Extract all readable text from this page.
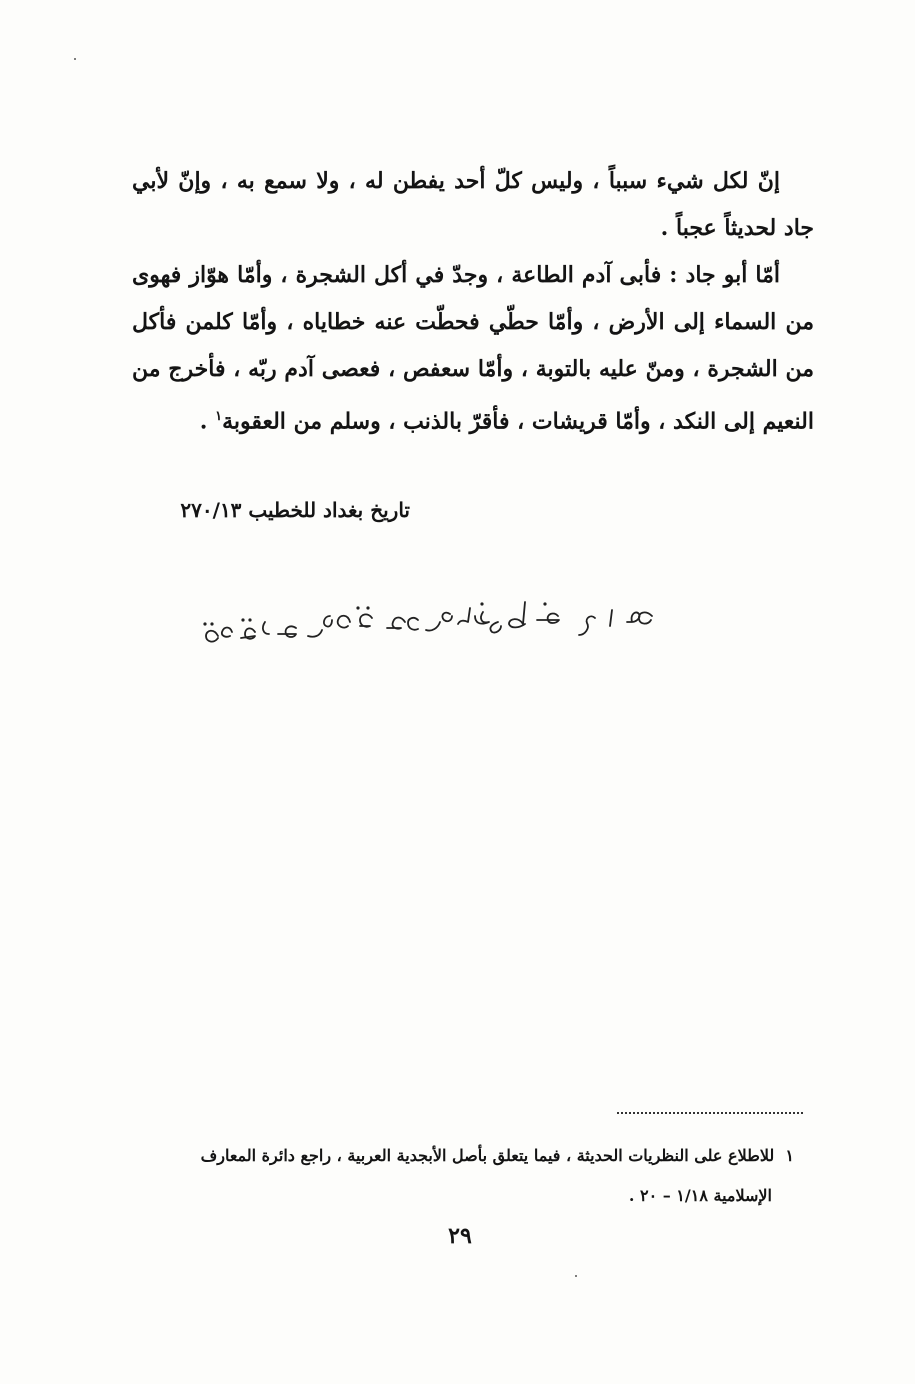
إنّ لكل شيء سبباً ، وليس كلّ أحد يفطن له ، ولا سمع به ، وإنّ لأبي جاد لحديثاً عجباً .

أمّا أبو جاد : فأبى آدم الطاعة ، وجدّ في أكل الشجرة ، وأمّا هوّاز فهوى من السماء إلى الأرض ، وأمّا حطّي فحطّت عنه خطاياه ، وأمّا كلمن فأكل من الشجرة ، ومنّ عليه بالتوبة ، وأمّا سعفص ، فعصى آدم ربّه ، فأخرج من النعيم إلى النكد ، وأمّا قريشات ، فأقرّ بالذنب ، وسلم من العقوبة$^١$ .

تاريخ بغداد للخطيب ٢٧٠/١٣

١  للاطلاع على النظريات الحديثة ، فيما يتعلق بأصل الأبجدية العربية ، راجع دائرة المعارف

الإسلامية ١/١٨ – ٢٠ .

٢٩
